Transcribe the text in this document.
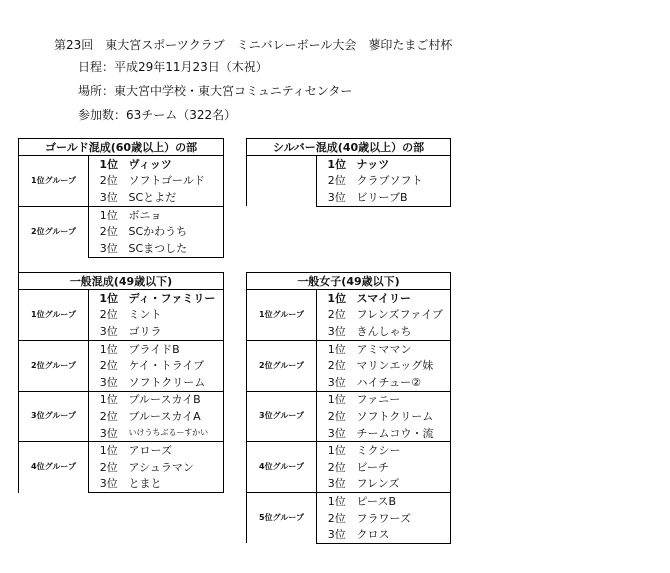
第23回　東大宮スポーツクラブ　ミニバレーボール大会　蓼印たまご村杯
日程：平成29年11月23日（木祝）
場所：東大宮中学校・東大宮コミュニティセンター
参加数：63チーム（322名）
ゴールド混成(60歳以上）の部		
1位グループ	1位	ヴィッツ
	2位	ソフトゴールド
	3位	SCとよだ
2位グループ	1位	ボニョ
	2位	SCかわうち
	3位	SCまつした
シルバー混成(40歳以上）の部		
	1位	ナッツ
	2位	クラブソフト
	3位	ビリーブB
一般混成(49歳以下)		
1位グループ	1位	ディ・ファミリー
	2位	ミント
	3位	ゴリラ
2位グループ	1位	ブライドB
	2位	ケイ・トライブ
	3位	ソフトクリーム
3位グループ	1位	ブルースカイB
	2位	ブルースカイA
	3位	いけうちぶるーすかい
4位グループ	1位	アローズ
	2位	アシュラマン
	3位	とまと
一般女子(49歳以下)		
1位グループ	1位	スマイリー
	2位	フレンズファイブ
	3位	きんしゃち
2位グループ	1位	アミママン
	2位	マリンエッグ妹
	3位	ハイチュー②
3位グループ	1位	ファニー
	2位	ソフトクリーム
	3位	チームコウ・流
4位グループ	1位	ミクシー
	2位	ビーチ
	3位	フレンズ
5位グループ	1位	ピースB
	2位	フラワーズ
	3位	クロス
